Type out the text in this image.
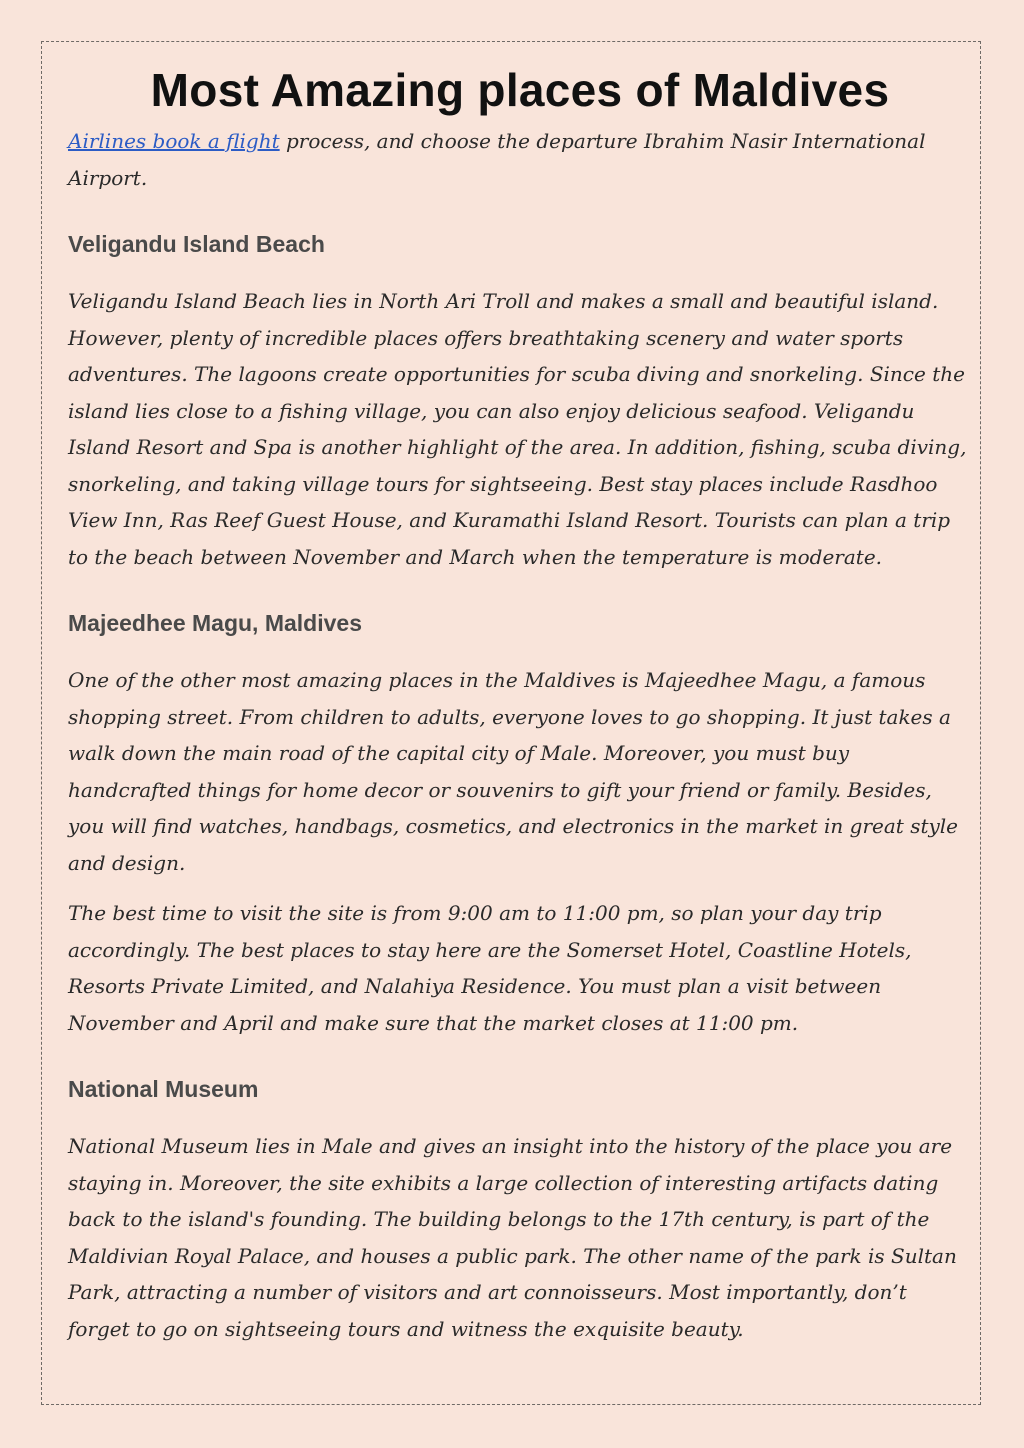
Most Amazing places of Maldives

Airlines book a flight process, and choose the departure Ibrahim Nasir International Airport.

Veligandu Island Beach

Veligandu Island Beach lies in North Ari Troll and makes a small and beautiful island. However, plenty of incredible places offers breathtaking scenery and water sports adventures. The lagoons create opportunities for scuba diving and snorkeling. Since the island lies close to a fishing village, you can also enjoy delicious seafood. Veligandu Island Resort and Spa is another highlight of the area. In addition, fishing, scuba diving, snorkeling, and taking village tours for sightseeing. Best stay places include Rasdhoo View Inn, Ras Reef Guest House, and Kuramathi Island Resort. Tourists can plan a trip to the beach between November and March when the temperature is moderate.

Majeedhee Magu, Maldives

One of the other most amazing places in the Maldives is Majeedhee Magu, a famous shopping street. From children to adults, everyone loves to go shopping. It just takes a walk down the main road of the capital city of Male. Moreover, you must buy handcrafted things for home decor or souvenirs to gift your friend or family. Besides, you will find watches, handbags, cosmetics, and electronics in the market in great style and design.

The best time to visit the site is from 9:00 am to 11:00 pm, so plan your day trip accordingly. The best places to stay here are the Somerset Hotel, Coastline Hotels, Resorts Private Limited, and Nalahiya Residence. You must plan a visit between November and April and make sure that the market closes at 11:00 pm.

National Museum

National Museum lies in Male and gives an insight into the history of the place you are staying in. Moreover, the site exhibits a large collection of interesting artifacts dating back to the island's founding. The building belongs to the 17th century, is part of the Maldivian Royal Palace, and houses a public park. The other name of the park is Sultan Park, attracting a number of visitors and art connoisseurs. Most importantly, don’t forget to go on sightseeing tours and witness the exquisite beauty.
